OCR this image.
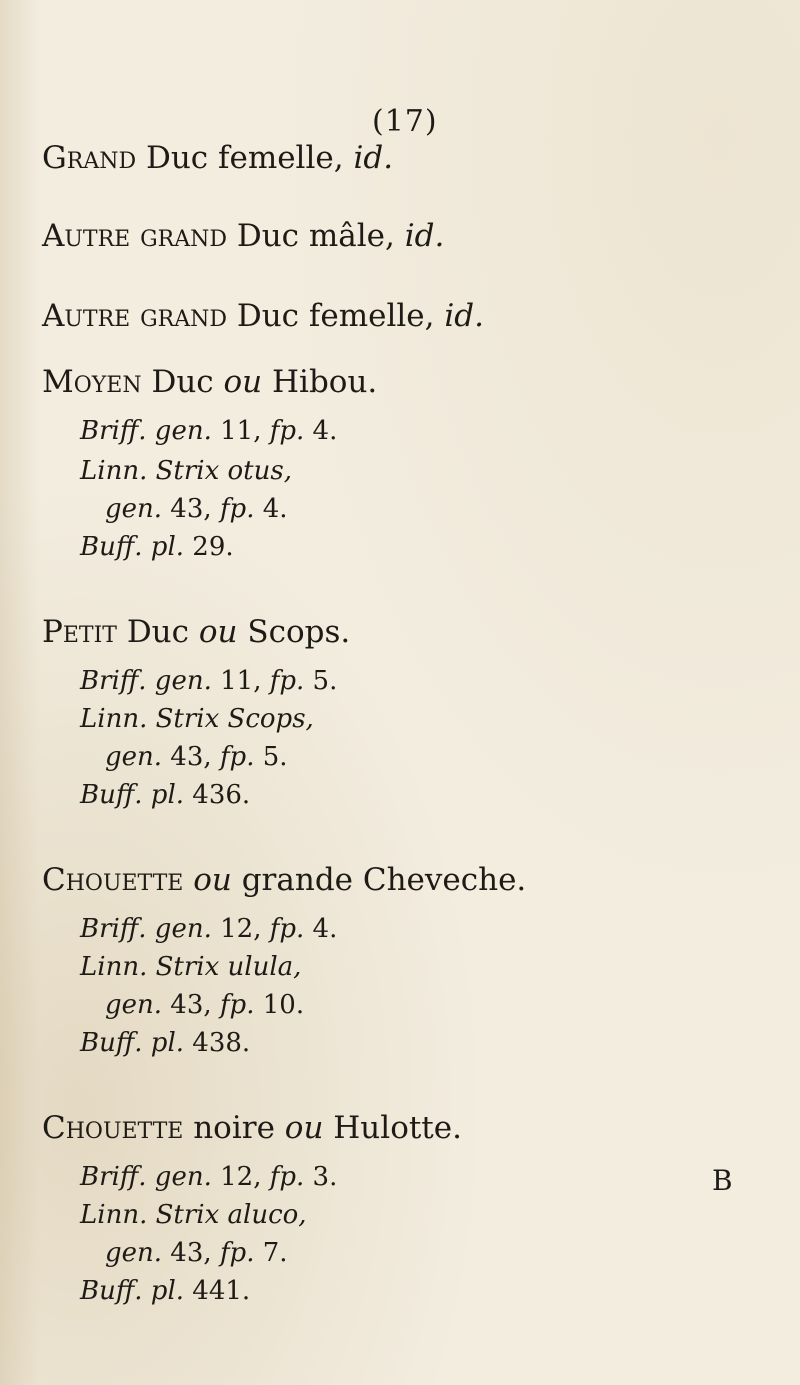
(17)
Grand Duc femelle, id.
Autre grand Duc mâle, id.
Autre grand Duc femelle, id.
Moyen Duc ou Hibou.
Briff. gen. 11, fp. 4.
Linn. Strix otus,
gen. 43, fp. 4.
Buff. pl. 29.
Petit Duc ou Scops.
Briff. gen. 11, fp. 5.
Linn. Strix Scops,
gen. 43, fp. 5.
Buff. pl. 436.
Chouette ou grande Cheveche.
Briff. gen. 12, fp. 4.
Linn. Strix ulula,
gen. 43, fp. 10.
Buff. pl. 438.
Chouette noire ou Hulotte.
Briff. gen. 12, fp. 3.
Linn. Strix aluco,
gen. 43, fp. 7.
Buff. pl. 441.
B
